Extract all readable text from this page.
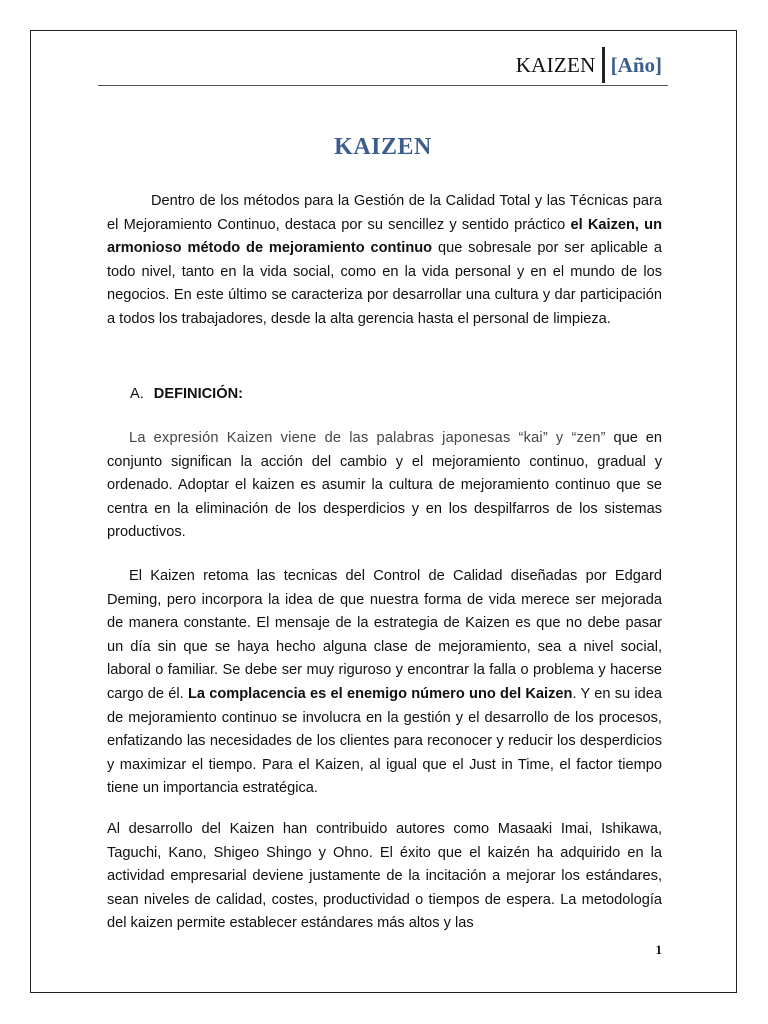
KAIZEN [Año]
KAIZEN

Dentro de los métodos para la Gestión de la Calidad Total y las Técnicas para el Mejoramiento Continuo, destaca por su sencillez y sentido práctico el Kaizen, un armonioso método de mejoramiento continuo que sobresale por ser aplicable a todo nivel, tanto en la vida social, como en la vida personal y en el mundo de los negocios. En este último se caracteriza por desarrollar una cultura y dar participación a todos los trabajadores, desde la alta gerencia hasta el personal de limpieza.

A. DEFINICIÓN:

La expresión Kaizen viene de las palabras japonesas “kai” y “zen” que en conjunto significan la acción del cambio y el mejoramiento continuo, gradual y ordenado. Adoptar el kaizen es asumir la cultura de mejoramiento continuo que se centra en la eliminación de los desperdicios y en los despilfarros de los sistemas productivos.

El Kaizen retoma las tecnicas del Control de Calidad diseñadas por Edgard Deming, pero incorpora la idea de que nuestra forma de vida merece ser mejorada de manera constante. El mensaje de la estrategia de Kaizen es que no debe pasar un día sin que se haya hecho alguna clase de mejoramiento, sea a nivel social, laboral o familiar. Se debe ser muy riguroso y encontrar la falla o problema y hacerse cargo de él. La complacencia es el enemigo número uno del Kaizen. Y en su idea de mejoramiento continuo se involucra en la gestión y el desarrollo de los procesos, enfatizando las necesidades de los clientes para reconocer y reducir los desperdicios y maximizar el tiempo. Para el Kaizen, al igual que el Just in Time, el factor tiempo tiene un importancia estratégica.

Al desarrollo del Kaizen han contribuido autores como Masaaki Imai, Ishikawa, Taguchi, Kano, Shigeo Shingo y Ohno. El éxito que el kaizén ha adquirido en la actividad empresarial deviene justamente de la incitación a mejorar los estándares, sean niveles de calidad, costes, productividad o tiempos de espera. La metodología del kaizen permite establecer estándares más altos y las

1
